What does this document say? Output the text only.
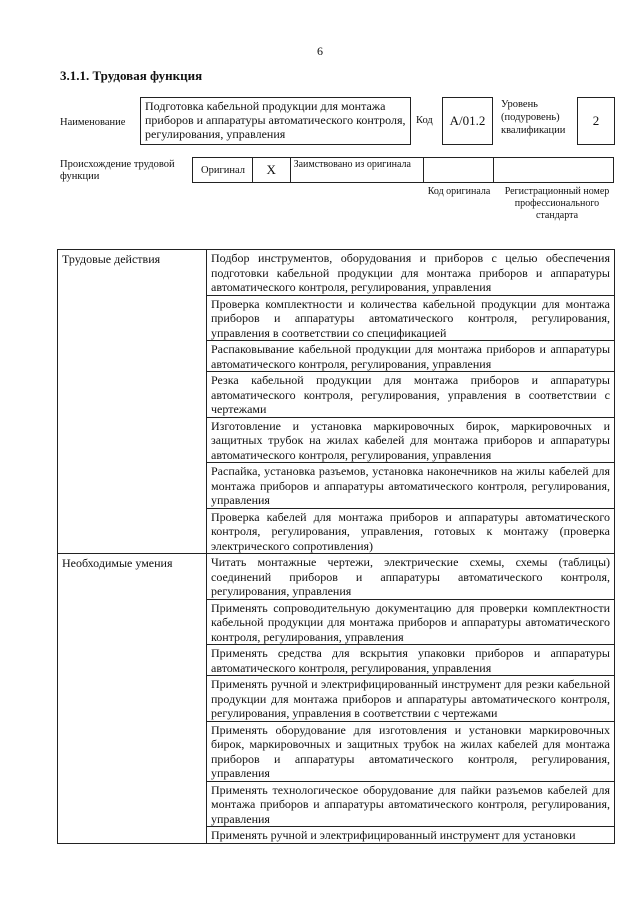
6
3.1.1. Трудовая функция
Наименование
Подготовка кабельной продукции для монтажа приборов и аппаратуры автоматического контроля, регулирования, управления
Код	A/01.2
Уровень (подуровень) квалификации
2
Происхождение трудовой функции
Оригинал	X	Заимствовано из оригинала
Код оригинала	Регистрационный номер профессионального стандарта
Трудовые действия	Подбор инструментов, оборудования и приборов с целью обеспечения подготовки кабельной продукции для монтажа приборов и аппаратуры автоматического контроля, регулирования, управления
	Проверка комплектности и количества кабельной продукции для монтажа приборов и аппаратуры автоматического контроля, регулирования, управления в соответствии со спецификацией
	Распаковывание кабельной продукции для монтажа приборов и аппаратуры автоматического контроля, регулирования, управления
	Резка кабельной продукции для монтажа приборов и аппаратуры автоматического контроля, регулирования, управления в соответствии с чертежами
	Изготовление и установка маркировочных бирок, маркировочных и защитных трубок на жилах кабелей для монтажа приборов и аппаратуры автоматического контроля, регулирования, управления
	Распайка, установка разъемов, установка наконечников на жилы кабелей для монтажа приборов и аппаратуры автоматического контроля, регулирования, управления
	Проверка кабелей для монтажа приборов и аппаратуры автоматического контроля, регулирования, управления, готовых к монтажу (проверка электрического сопротивления)
Необходимые умения	Читать монтажные чертежи, электрические схемы, схемы (таблицы) соединений приборов и аппаратуры автоматического контроля, регулирования, управления
	Применять сопроводительную документацию для проверки комплектности кабельной продукции для монтажа приборов и аппаратуры автоматического контроля, регулирования, управления
	Применять средства для вскрытия упаковки приборов и аппаратуры автоматического контроля, регулирования, управления
	Применять ручной и электрифицированный инструмент для резки кабельной продукции для монтажа приборов и аппаратуры автоматического контроля, регулирования, управления в соответствии с чертежами
	Применять оборудование для изготовления и установки маркировочных бирок, маркировочных и защитных трубок на жилах кабелей для монтажа приборов и аппаратуры автоматического контроля, регулирования, управления
	Применять технологическое оборудование для пайки разъемов кабелей для монтажа приборов и аппаратуры автоматического контроля, регулирования, управления
	Применять ручной и электрифицированный инструмент для установки
